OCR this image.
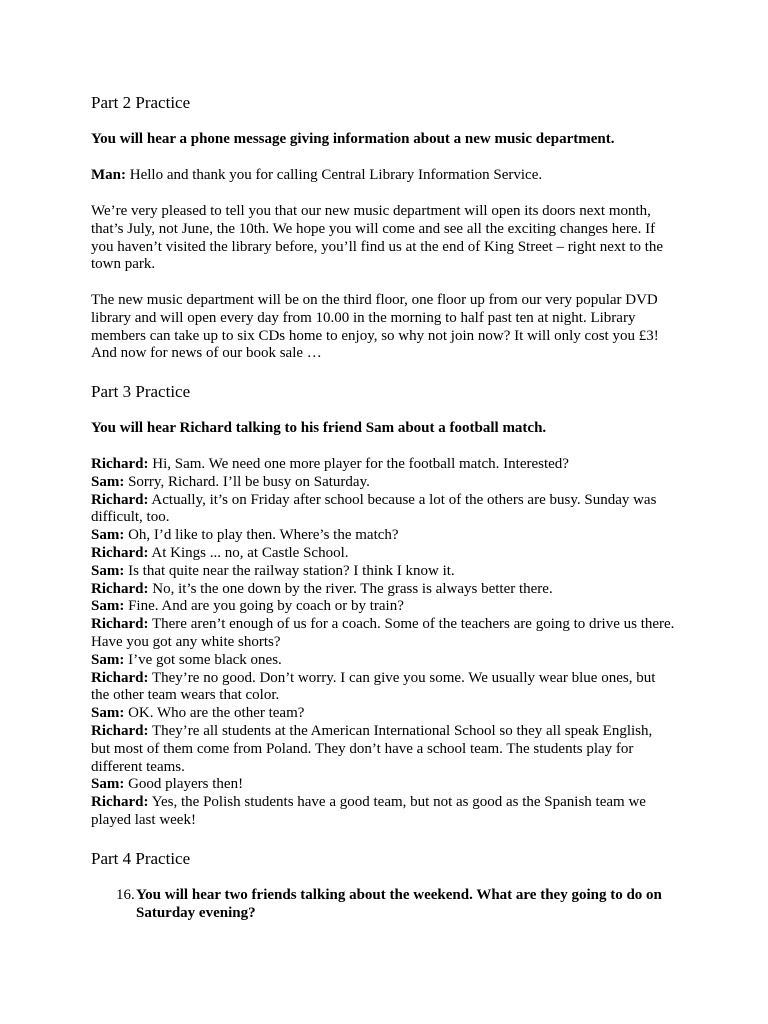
Part 2 Practice

You will hear a phone message giving information about a new music department.

Man: Hello and thank you for calling Central Library Information Service.

We’re very pleased to tell you that our new music department will open its doors next month,
that’s July, not June, the 10th. We hope you will come and see all the exciting changes here. If
you haven’t visited the library before, you’ll find us at the end of King Street – right next to the
town park.

The new music department will be on the third floor, one floor up from our very popular DVD
library and will open every day from 10.00 in the morning to half past ten at night. Library
members can take up to six CDs home to enjoy, so why not join now? It will only cost you £3!
And now for news of our book sale …

Part 3 Practice

You will hear Richard talking to his friend Sam about a football match.

Richard: Hi, Sam. We need one more player for the football match. Interested?

Sam: Sorry, Richard. I’ll be busy on Saturday.

Richard: Actually, it’s on Friday after school because a lot of the others are busy. Sunday was
difficult, too.

Sam: Oh, I’d like to play then. Where’s the match?

Richard: At Kings ... no, at Castle School.

Sam: Is that quite near the railway station? I think I know it.

Richard: No, it’s the one down by the river. The grass is always better there.

Sam: Fine. And are you going by coach or by train?

Richard: There aren’t enough of us for a coach. Some of the teachers are going to drive us there.
Have you got any white shorts?

Sam: I’ve got some black ones.

Richard: They’re no good. Don’t worry. I can give you some. We usually wear blue ones, but
the other team wears that color.

Sam: OK. Who are the other team?

Richard: They’re all students at the American International School so they all speak English,
but most of them come from Poland. They don’t have a school team. The students play for
different teams.

Sam: Good players then!

Richard: Yes, the Polish students have a good team, but not as good as the Spanish team we
played last week!

Part 4 Practice
16. You will hear two friends talking about the weekend. What are they going to do on
Saturday evening?
